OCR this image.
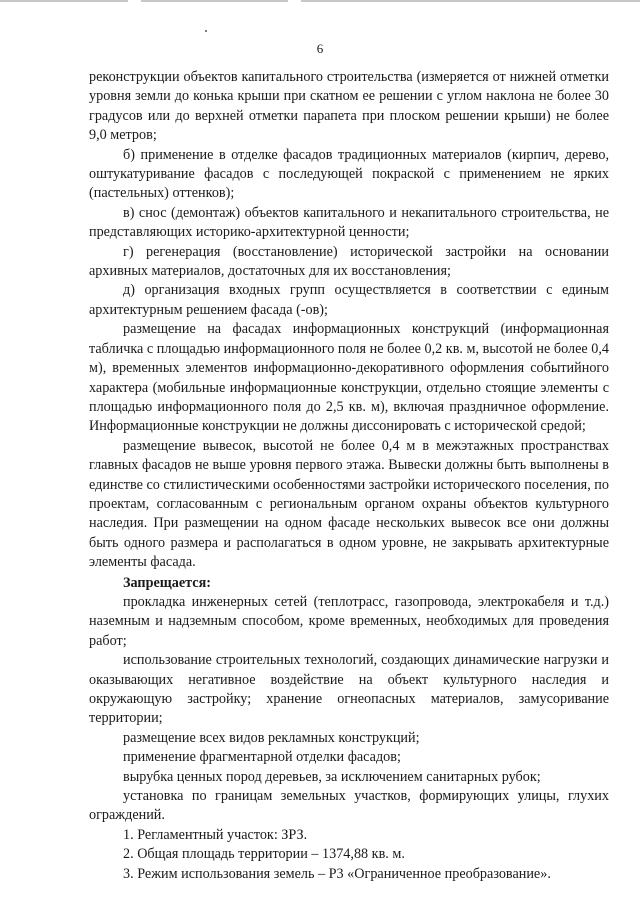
6

реконструкции объектов капитального строительства (измеряется от нижней отметки уровня земли до конька крыши при скатном ее решении с углом наклона не более 30 градусов или до верхней отметки парапета при плоском решении крыши) не более 9,0 метров;

б) применение в отделке фасадов традиционных материалов (кирпич, дерево, оштукатуривание фасадов с последующей покраской с применением не ярких (пастельных) оттенков);

в) снос (демонтаж) объектов капитального и некапитального строительства, не представляющих историко-архитектурной ценности;

г) регенерация (восстановление) исторической застройки на основании архивных материалов, достаточных для их восстановления;

д) организация входных групп осуществляется в соответствии с единым архитектурным решением фасада (-ов);

размещение на фасадах информационных конструкций (информационная табличка с площадью информационного поля не более 0,2 кв. м, высотой не более 0,4 м), временных элементов информационно-декоративного оформления событийного характера (мобильные информационные конструкции, отдельно стоящие элементы с площадью информационного поля до 2,5 кв. м), включая праздничное оформление. Информационные конструкции не должны диссонировать с исторической средой;

размещение вывесок, высотой не более 0,4 м в межэтажных пространствах главных фасадов не выше уровня первого этажа. Вывески должны быть выполнены в единстве со стилистическими особенностями застройки исторического поселения, по проектам, согласованным с региональным органом охраны объектов культурного наследия. При размещении на одном фасаде нескольких вывесок все они должны быть одного размера и располагаться в одном уровне, не закрывать архитектурные элементы фасада.

Запрещается:

прокладка инженерных сетей (теплотрасс, газопровода, электрокабеля и т.д.) наземным и надземным способом, кроме временных, необходимых для проведения работ;

использование строительных технологий, создающих динамические нагрузки и оказывающих негативное воздействие на объект культурного наследия и окружающую застройку; хранение огнеопасных материалов, замусоривание территории;

размещение всех видов рекламных конструкций;

применение фрагментарной отделки фасадов;

вырубка ценных пород деревьев, за исключением санитарных рубок;

установка по границам земельных участков, формирующих улицы, глухих ограждений.

1. Регламентный участок: ЗРЗ.

2. Общая площадь территории – 1374,88 кв. м.

3. Режим использования земель – Р3 «Ограниченное преобразование».
